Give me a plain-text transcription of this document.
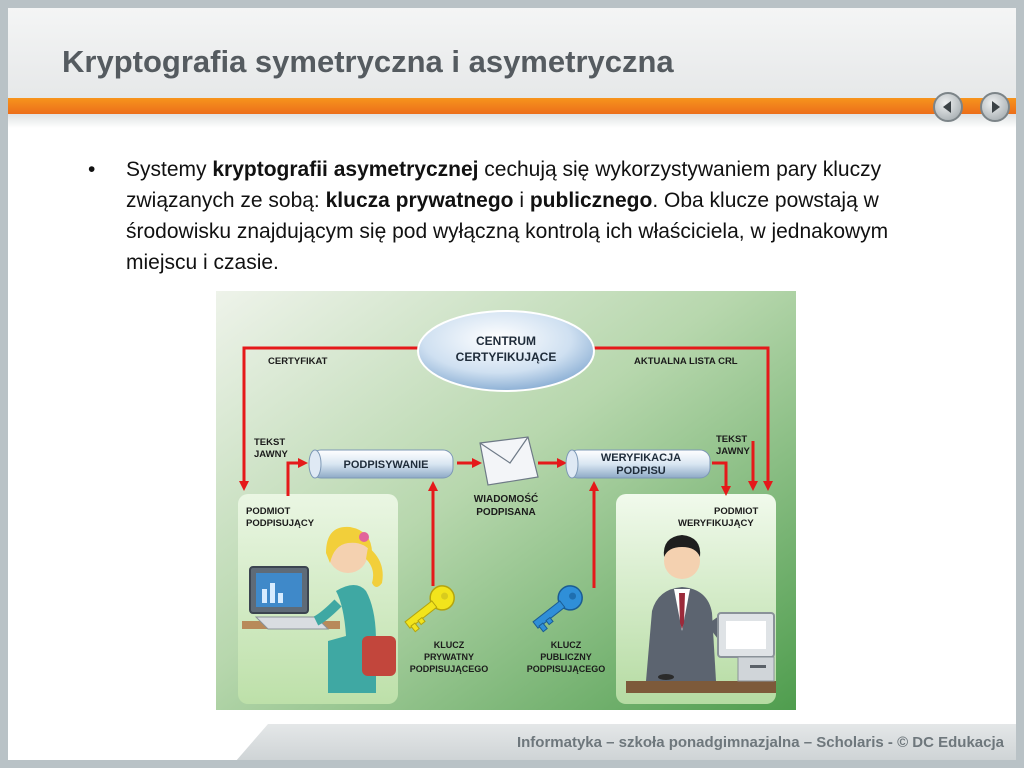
Kryptografia symetryczna i asymetryczna
• Systemy kryptografii asymetrycznej cechują się wykorzystywaniem pary kluczy związanych ze sobą: klucza prywatnego i publicznego. Oba klucze powstają w środowisku znajdującym się pod wyłączną kontrolą ich właściciela, w jednakowym miejscu i czasie.
CENTRUM
CERTYFIKUJĄCE
CERTYFIKAT	AKTUALNA LISTA CRL
TEKST
JAWNY
TEKST
JAWNY
PODPISYWANIE
WERYFIKACJA
PODPISU
WIADOMOŚĆ
PODPISANA
PODMIOT
PODPISUJĄCY
PODMIOT
WERYFIKUJĄCY
KLUCZ
PRYWATNY
PODPISUJĄCEGO
KLUCZ
PUBLICZNY
PODPISUJĄCEGO
Informatyka – szkoła ponadgimnazjalna – Scholaris - © DC Edukacja
